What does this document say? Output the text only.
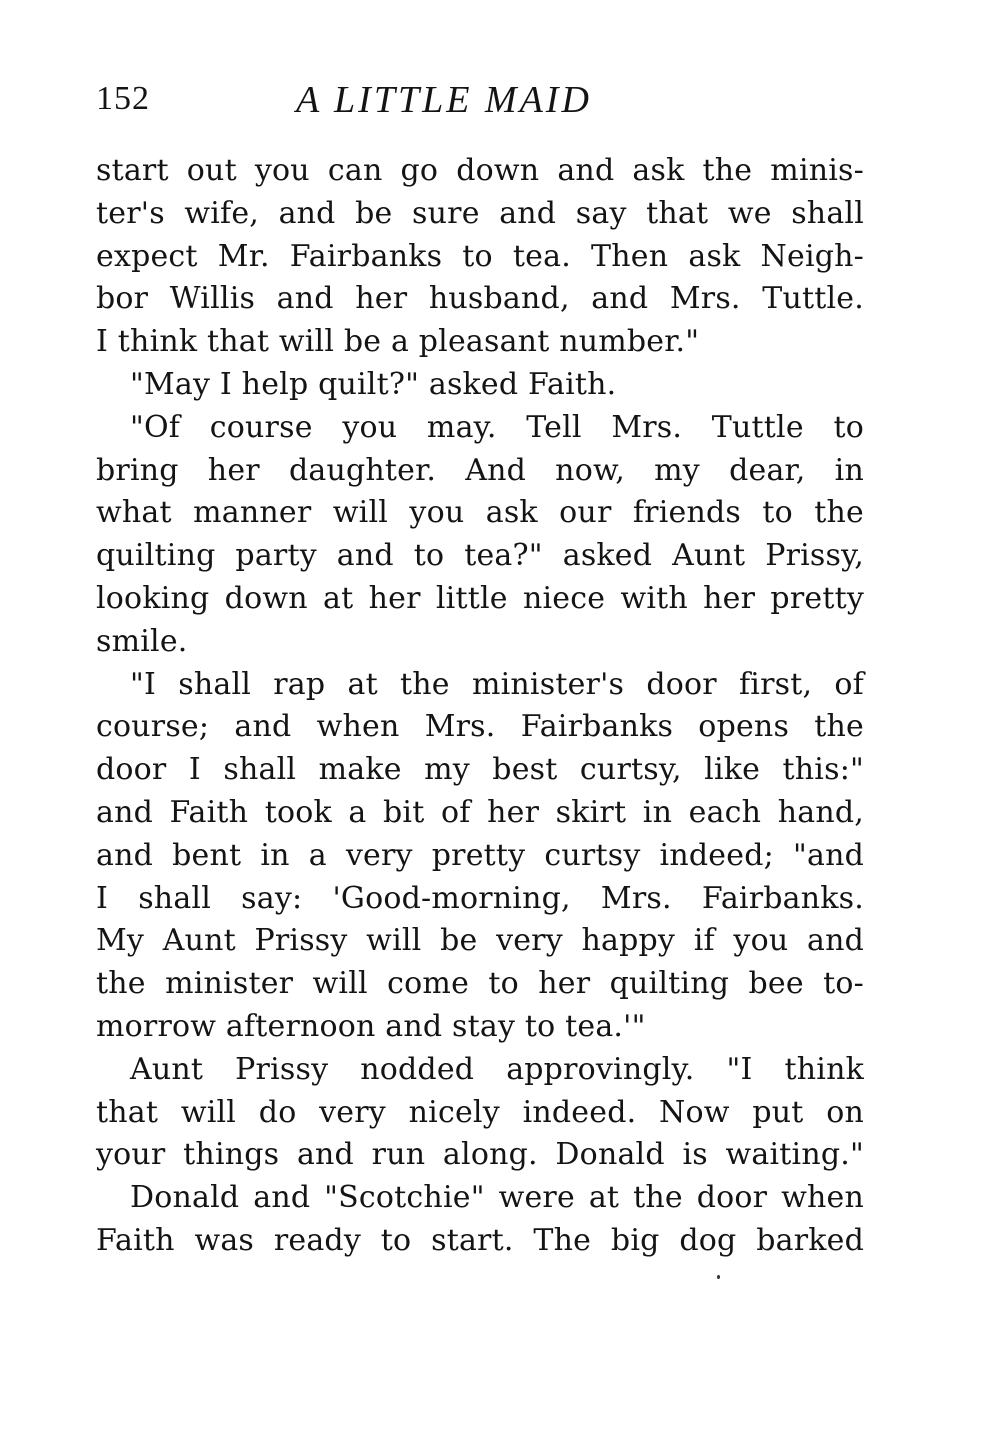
152	A LITTLE MAID
start out you can go down and ask the minis-
ter's wife, and be sure and say that we shall
expect Mr. Fairbanks to tea. Then ask Neigh-
bor Willis and her husband, and Mrs. Tuttle.
I think that will be a pleasant number."
"May I help quilt?" asked Faith.
"Of course you may. Tell Mrs. Tuttle to
bring her daughter. And now, my dear, in
what manner will you ask our friends to the
quilting party and to tea?" asked Aunt Prissy,
looking down at her little niece with her pretty
smile.
"I shall rap at the minister's door first, of
course; and when Mrs. Fairbanks opens the
door I shall make my best curtsy, like this:"
and Faith took a bit of her skirt in each hand,
and bent in a very pretty curtsy indeed; "and
I shall say: 'Good-morning, Mrs. Fairbanks.
My Aunt Prissy will be very happy if you and
the minister will come to her quilting bee to-
morrow afternoon and stay to tea.'"
Aunt Prissy nodded approvingly. "I think
that will do very nicely indeed. Now put on
your things and run along. Donald is waiting."
Donald and "Scotchie" were at the door when
Faith was ready to start. The big dog barked
